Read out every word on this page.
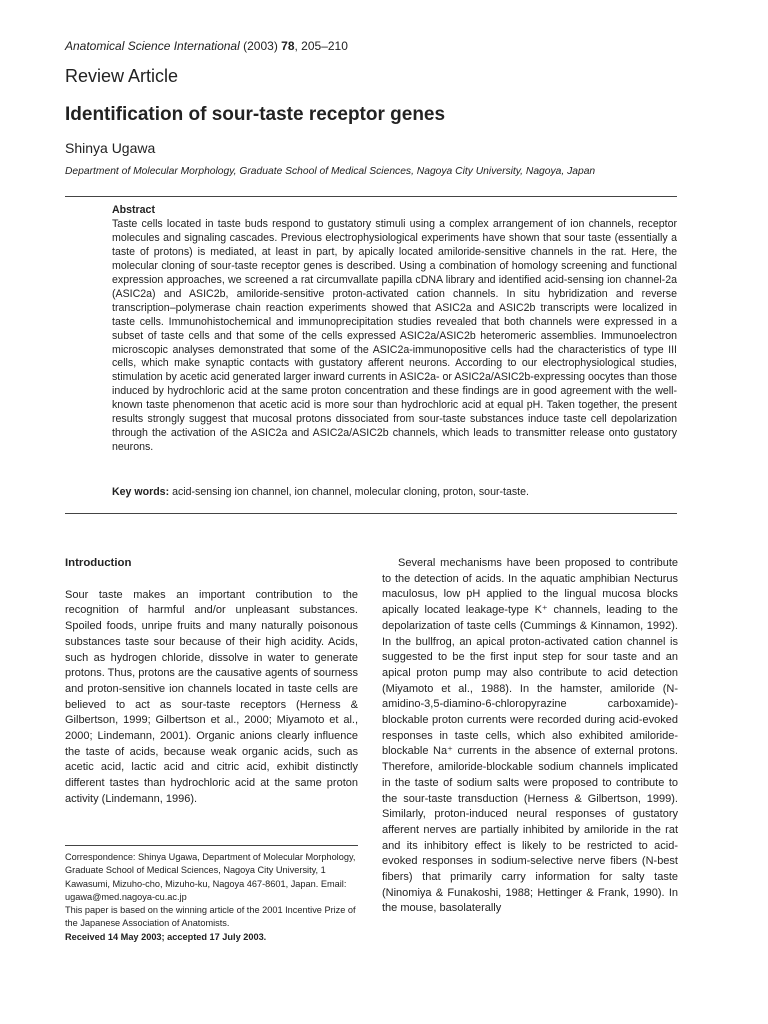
Anatomical Science International (2003) 78, 205–210
Review Article
Identification of sour-taste receptor genes
Shinya Ugawa
Department of Molecular Morphology, Graduate School of Medical Sciences, Nagoya City University, Nagoya, Japan
Abstract
Taste cells located in taste buds respond to gustatory stimuli using a complex arrangement of ion channels, receptor molecules and signaling cascades. Previous electrophysiological experiments have shown that sour taste (essentially a taste of protons) is mediated, at least in part, by apically located amiloride-sensitive channels in the rat. Here, the molecular cloning of sour-taste receptor genes is described. Using a combination of homology screening and functional expression approaches, we screened a rat circumvallate papilla cDNA library and identified acid-sensing ion channel-2a (ASIC2a) and ASIC2b, amiloride-sensitive proton-activated cation channels. In situ hybridization and reverse transcription–polymerase chain reaction experiments showed that ASIC2a and ASIC2b transcripts were localized in taste cells. Immunohistochemical and immunoprecipitation studies revealed that both channels were expressed in a subset of taste cells and that some of the cells expressed ASIC2a/ASIC2b heteromeric assemblies. Immunoelectron microscopic analyses demonstrated that some of the ASIC2a-immunopositive cells had the characteristics of type III cells, which make synaptic contacts with gustatory afferent neurons. According to our electrophysiological studies, stimulation by acetic acid generated larger inward currents in ASIC2a- or ASIC2a/ASIC2b-expressing oocytes than those induced by hydrochloric acid at the same proton concentration and these findings are in good agreement with the well-known taste phenomenon that acetic acid is more sour than hydrochloric acid at equal pH. Taken together, the present results strongly suggest that mucosal protons dissociated from sour-taste substances induce taste cell depolarization through the activation of the ASIC2a and ASIC2a/ASIC2b channels, which leads to transmitter release onto gustatory neurons.
Key words: acid-sensing ion channel, ion channel, molecular cloning, proton, sour-taste.
Introduction

Sour taste makes an important contribution to the recognition of harmful and/or unpleasant substances. Spoiled foods, unripe fruits and many naturally poisonous substances taste sour because of their high acidity. Acids, such as hydrogen chloride, dissolve in water to generate protons. Thus, protons are the causative agents of sourness and proton-sensitive ion channels located in taste cells are believed to act as sour-taste receptors (Herness & Gilbertson, 1999; Gilbertson et al., 2000; Miyamoto et al., 2000; Lindemann, 2001). Organic anions clearly influence the taste of acids, because weak organic acids, such as acetic acid, lactic acid and citric acid, exhibit distinctly different tastes than hydrochloric acid at the same proton activity (Lindemann, 1996).

Correspondence: Shinya Ugawa, Department of Molecular Morphology, Graduate School of Medical Sciences, Nagoya City University, 1 Kawasumi, Mizuho-cho, Mizuho-ku, Nagoya 467-8601, Japan. Email: ugawa@med.nagoya-cu.ac.jp
This paper is based on the winning article of the 2001 Incentive Prize of the Japanese Association of Anatomists.
Received 14 May 2003; accepted 17 July 2003.

Several mechanisms have been proposed to contribute to the detection of acids. In the aquatic amphibian Necturus maculosus, low pH applied to the lingual mucosa blocks apically located leakage-type K⁺ channels, leading to the depolarization of taste cells (Cummings & Kinnamon, 1992). In the bullfrog, an apical proton-activated cation channel is suggested to be the first input step for sour taste and an apical proton pump may also contribute to acid detection (Miyamoto et al., 1988). In the hamster, amiloride (N-amidino-3,5-diamino-6-chloropyrazine carboxamide)-blockable proton currents were recorded during acid-evoked responses in taste cells, which also exhibited amiloride-blockable Na⁺ currents in the absence of external protons. Therefore, amiloride-blockable sodium channels implicated in the taste of sodium salts were proposed to contribute to the sour-taste transduction (Herness & Gilbertson, 1999). Similarly, proton-induced neural responses of gustatory afferent nerves are partially inhibited by amiloride in the rat and its inhibitory effect is likely to be restricted to acid-evoked responses in sodium-selective nerve fibers (N-best fibers) that primarily carry information for salty taste (Ninomiya & Funakoshi, 1988; Hettinger & Frank, 1990). In the mouse, basolaterally
